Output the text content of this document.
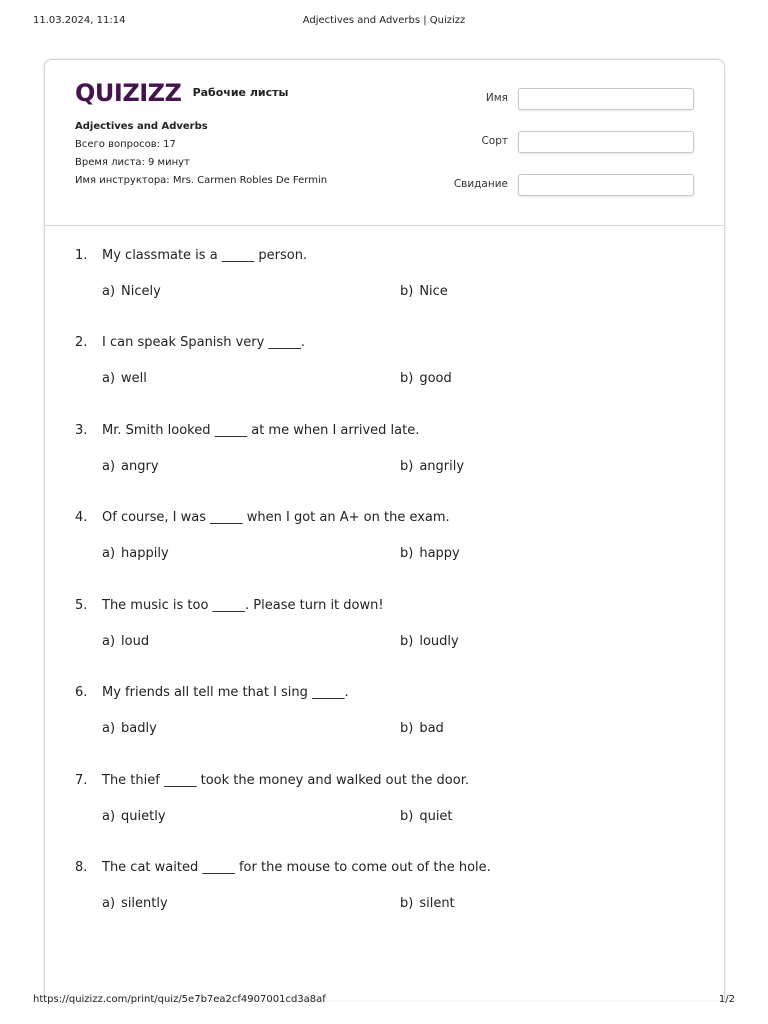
11.03.2024, 11:14	Adjectives and Adverbs | Quizizz
QUIZIZZ Рабочие листы
Adjectives and Adverbs
Всего вопросов: 17
Время листа: 9 минут
Имя инструктора: Mrs. Carmen Robles De Fermin
Имя
Сорт
Свидание
1. My classmate is a _____ person.
a) Nicely	b) Nice
2. I can speak Spanish very _____.
a) well	b) good
3. Mr. Smith looked _____ at me when I arrived late.
a) angry	b) angrily
4. Of course, I was _____ when I got an A+ on the exam.
a) happily	b) happy
5. The music is too _____. Please turn it down!
a) loud	b) loudly
6. My friends all tell me that I sing _____.
a) badly	b) bad
7. The thief _____ took the money and walked out the door.
a) quietly	b) quiet
8. The cat waited _____ for the mouse to come out of the hole.
a) silently	b) silent
https://quizizz.com/print/quiz/5e7b7ea2cf4907001cd3a8af	1/2
